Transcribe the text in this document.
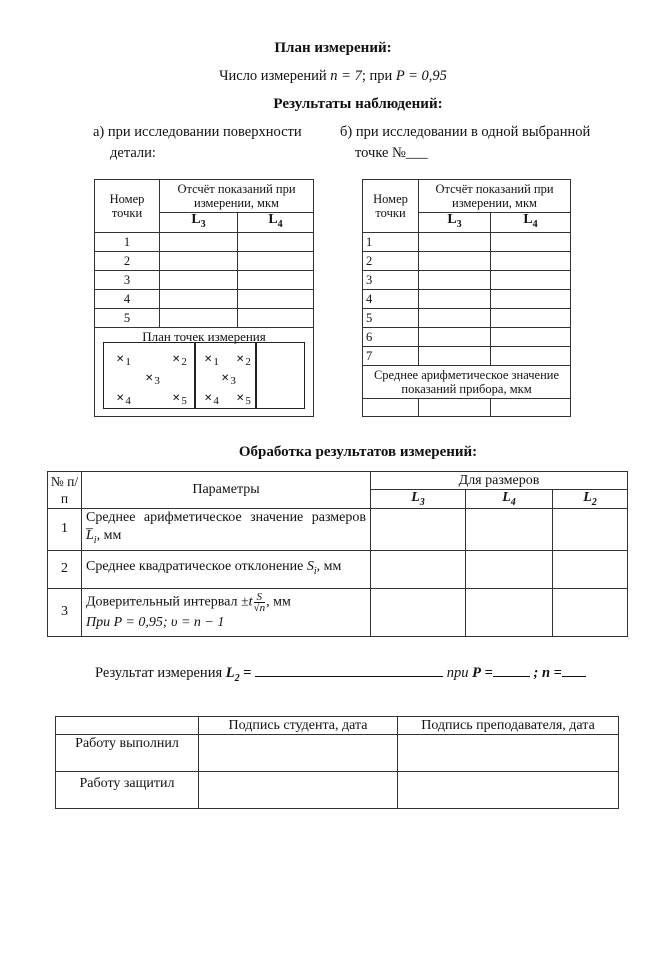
План измерений:
Число измерений n = 7; при P = 0,95
Результаты наблюдений:
а) при исследовании поверхности
детали:
б) при исследовании в одной выбранной
точке №___
Номер точки	Отсчёт показаний при измерении, мкм	
	$L_3$	$L_4$
1		
2		
3		
4		
5		
План точек измерения		
$✕_1$	$✕_2$
$✕_3$
$✕_4$	$✕_5$
$✕_1$ $✕_2$
$✕_3$
$✕_4$ $✕_5$
Номер точки	Отсчёт показаний при измерении, мкм	
	$L_3$	$L_4$
1		
2		
3		
4		
5		
6		
7		
Среднее арифметическое значение показаний прибора, мкм		

Обработка результатов измерений:
№ п/п	Параметры	Для размеров		
		$L_3$	$L_4$	$L_2$
1	Среднее арифметическое значение размеров $L̅_i$, мм			
2	Среднее квадратическое отклонение $S_i$, мм			
3	Доверительный интервал $\pm t \frac{S}{√n}$ , мм
При P = 0,95; υ = n − 1			

Результат измерения $L_2$ =	при P =	; n =
	Подпись студента, дата	Подпись преподавателя, дата
Работу выполнил		
Работу защитил		
